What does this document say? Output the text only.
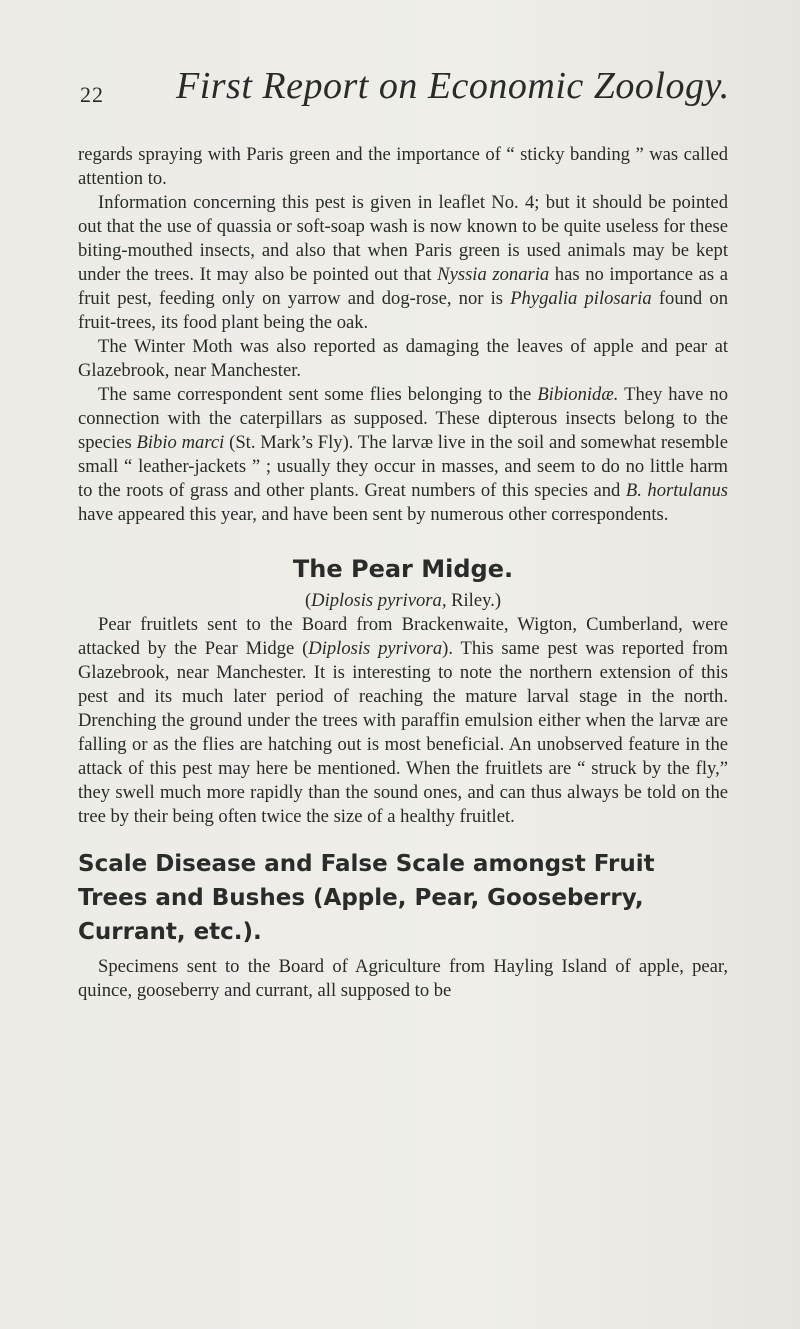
22 First Report on Economic Zoology.

regards spraying with Paris green and the importance of “ sticky banding ” was called attention to.

Information concerning this pest is given in leaflet No. 4; but it should be pointed out that the use of quassia or soft-soap wash is now known to be quite useless for these biting-mouthed insects, and also that when Paris green is used animals may be kept under the trees. It may also be pointed out that Nyssia zonaria has no importance as a fruit pest, feeding only on yarrow and dog-rose, nor is Phygalia pilosaria found on fruit-trees, its food plant being the oak.

The Winter Moth was also reported as damaging the leaves of apple and pear at Glazebrook, near Manchester.

The same correspondent sent some flies belonging to the Bibionidæ. They have no connection with the caterpillars as supposed. These dipterous insects belong to the species Bibio marci (St. Mark’s Fly). The larvæ live in the soil and somewhat resemble small “ leather-jackets ” ; usually they occur in masses, and seem to do no little harm to the roots of grass and other plants. Great numbers of this species and B. hortulanus have appeared this year, and have been sent by numerous other correspondents.

The Pear Midge.

(Diplosis pyrivora, Riley.)

Pear fruitlets sent to the Board from Brackenwaite, Wigton, Cumberland, were attacked by the Pear Midge (Diplosis pyrivora). This same pest was reported from Glazebrook, near Manchester. It is interesting to note the northern extension of this pest and its much later period of reaching the mature larval stage in the north. Drenching the ground under the trees with paraffin emulsion either when the larvæ are falling or as the flies are hatching out is most beneficial. An unobserved feature in the attack of this pest may here be mentioned. When the fruitlets are “ struck by the fly,” they swell much more rapidly than the sound ones, and can thus always be told on the tree by their being often twice the size of a healthy fruitlet.

Scale Disease and False Scale amongst Fruit Trees and Bushes (Apple, Pear, Gooseberry, Currant, etc.).

Specimens sent to the Board of Agriculture from Hayling Island of apple, pear, quince, gooseberry and currant, all supposed to be
